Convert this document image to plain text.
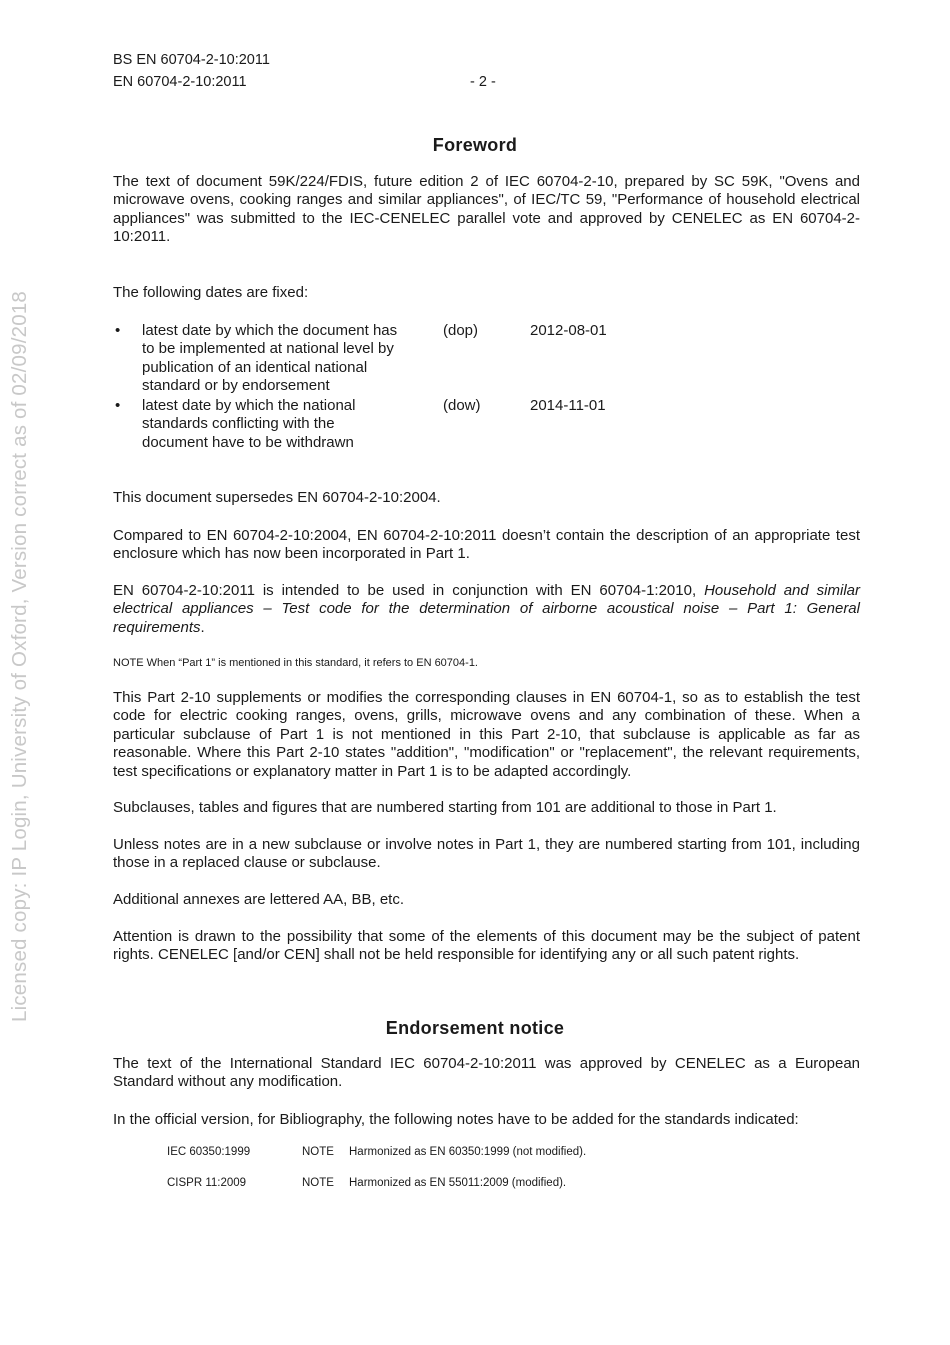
BS EN 60704-2-10:2011
EN 60704-2-10:2011	- 2 -
Licensed copy: IP Login, University of Oxford, Version correct as of 02/09/2018
Foreword
The text of document 59K/224/FDIS, future edition 2 of IEC 60704-2-10, prepared by SC 59K, "Ovens and microwave ovens, cooking ranges and similar appliances", of IEC/TC 59, "Performance of household electrical appliances" was submitted to the IEC-CENELEC parallel vote and approved by CENELEC as EN 60704-2-10:2011.
The following dates are fixed:
• latest date by which the document has
to be implemented at national level by
publication of an identical national
standard or by endorsement
(dop)	2012-08-01
• latest date by which the national
standards conflicting with the
document have to be withdrawn
(dow)	2014-11-01
This document supersedes EN 60704-2-10:2004.
Compared to EN 60704-2-10:2004, EN 60704-2-10:2011 doesn’t contain the description of an appropriate test enclosure which has now been incorporated in Part 1.
EN 60704-2-10:2011 is intended to be used in conjunction with EN 60704-1:2010, Household and similar electrical appliances – Test code for the determination of airborne acoustical noise – Part 1: General requirements.
NOTE When “Part 1” is mentioned in this standard, it refers to EN 60704-1.
This Part 2-10 supplements or modifies the corresponding clauses in EN 60704-1, so as to establish the test code for electric cooking ranges, ovens, grills, microwave ovens and any combination of these. When a particular subclause of Part 1 is not mentioned in this Part 2-10, that subclause is applicable as far as reasonable. Where this Part 2-10 states "addition", "modification" or "replacement", the relevant requirements, test specifications or explanatory matter in Part 1 is to be adapted accordingly.
Subclauses, tables and figures that are numbered starting from 101 are additional to those in Part 1.
Unless notes are in a new subclause or involve notes in Part 1, they are numbered starting from 101, including those in a replaced clause or subclause.
Additional annexes are lettered AA, BB, etc.
Attention is drawn to the possibility that some of the elements of this document may be the subject of patent rights. CENELEC [and/or CEN] shall not be held responsible for identifying any or all such patent rights.
Endorsement notice
The text of the International Standard IEC 60704-2-10:2011 was approved by CENELEC as a European Standard without any modification.
In the official version, for Bibliography, the following notes have to be added for the standards indicated:
IEC 60350:1999	NOTE Harmonized as EN 60350:1999 (not modified).
CISPR 11:2009	NOTE Harmonized as EN 55011:2009 (modified).
